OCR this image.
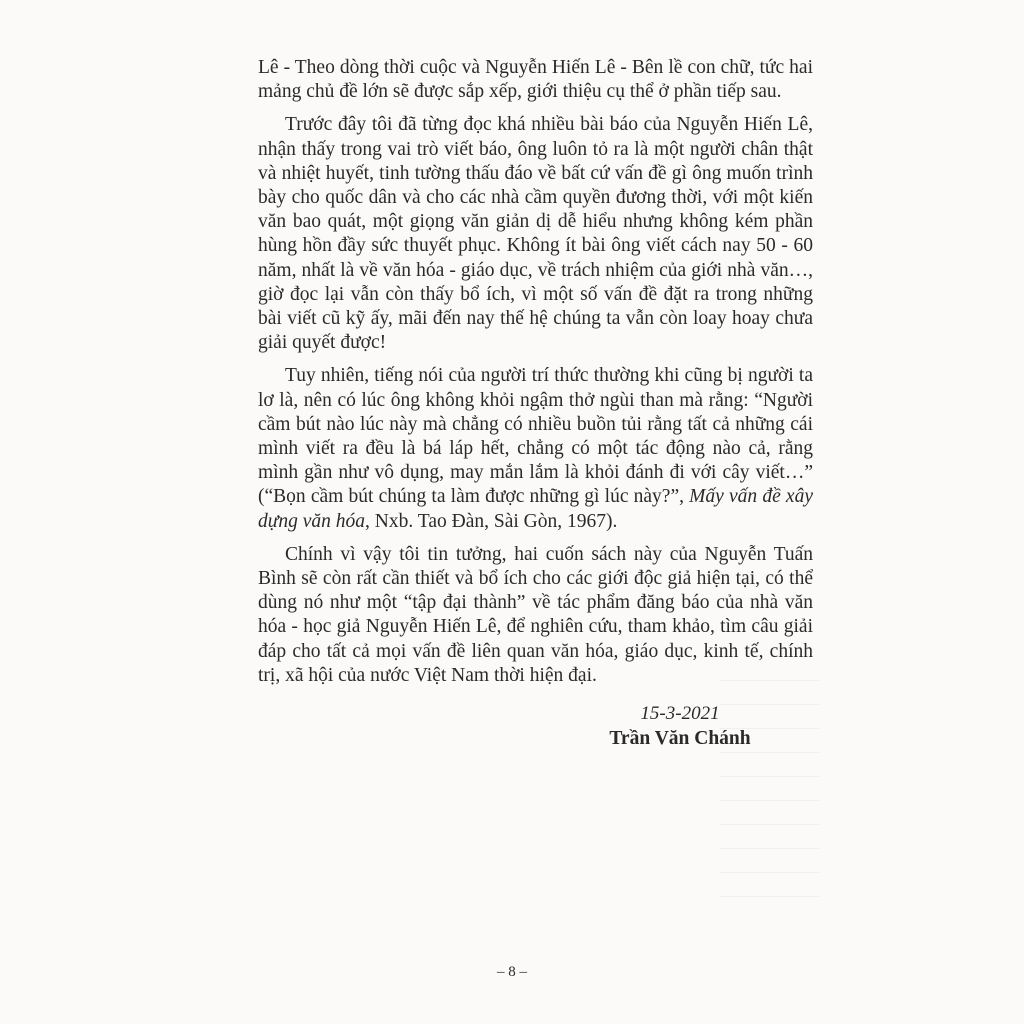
Lê - Theo dòng thời cuộc và Nguyễn Hiến Lê - Bên lề con chữ, tức hai mảng chủ đề lớn sẽ được sắp xếp, giới thiệu cụ thể ở phần tiếp sau.

Trước đây tôi đã từng đọc khá nhiều bài báo của Nguyễn Hiến Lê, nhận thấy trong vai trò viết báo, ông luôn tỏ ra là một người chân thật và nhiệt huyết, tinh tường thấu đáo về bất cứ vấn đề gì ông muốn trình bày cho quốc dân và cho các nhà cầm quyền đương thời, với một kiến văn bao quát, một giọng văn giản dị dễ hiểu nhưng không kém phần hùng hồn đầy sức thuyết phục. Không ít bài ông viết cách nay 50 - 60 năm, nhất là về văn hóa - giáo dục, về trách nhiệm của giới nhà văn…, giờ đọc lại vẫn còn thấy bổ ích, vì một số vấn đề đặt ra trong những bài viết cũ kỹ ấy, mãi đến nay thế hệ chúng ta vẫn còn loay hoay chưa giải quyết được!

Tuy nhiên, tiếng nói của người trí thức thường khi cũng bị người ta lơ là, nên có lúc ông không khỏi ngậm thở ngùi than mà rằng: “Người cầm bút nào lúc này mà chẳng có nhiều buồn tủi rằng tất cả những cái mình viết ra đều là bá láp hết, chẳng có một tác động nào cả, rằng mình gần như vô dụng, may mắn lắm là khỏi đánh đi với cây viết…” (“Bọn cầm bút chúng ta làm được những gì lúc này?”, Mấy vấn đề xây dựng văn hóa, Nxb. Tao Đàn, Sài Gòn, 1967).

Chính vì vậy tôi tin tưởng, hai cuốn sách này của Nguyễn Tuấn Bình sẽ còn rất cần thiết và bổ ích cho các giới độc giả hiện tại, có thể dùng nó như một “tập đại thành” về tác phẩm đăng báo của nhà văn hóa - học giả Nguyễn Hiến Lê, để nghiên cứu, tham khảo, tìm câu giải đáp cho tất cả mọi vấn đề liên quan văn hóa, giáo dục, kinh tế, chính trị, xã hội của nước Việt Nam thời hiện đại.

15-3-2021
Trần Văn Chánh
– 8 –
